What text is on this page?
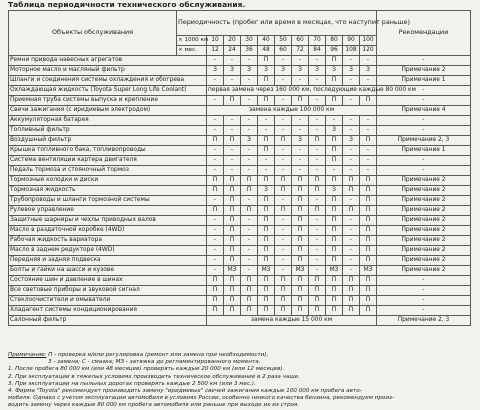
Таблица периодичности технического обслуживания.
Объекты обслуживания	Периодичность (пробег или время в месяцах, что наступит раньше)											Рекомендации
	× 1000 км	10	20	30	40	50	60	70	80	90	100	
	× мес.	12	24	36	48	60	72	84	96	108	120	
Ремни привода навесных агрегатов		-	-	-	П	-	-	-	П	-	-	-
Моторное масло и масляный фильтр		З	З	З	З	З	З	З	З	З	З	Примечание 2
Шланги и соединения системы охлаждения и обогрева		-	-	-	П	-	-	-	П	-	-	Примечание 1
Охлаждающая жидкость (Toyota Super Long Life Coolant)		первая замена через 160 000 км, последующие каждые 80 000 км										-
Приемная труба системы выпуска и крепление		-	П	-	П	-	П	-	П	-	П	-
Свечи зажигания (с иридиевым электродом)		замена каждые 100 000 км										Примечание 4
Аккумуляторная батарея		-	-	-	-	-	-	-	-	-	-	-
Топливный фильтр		-	-	-	-	-	-	-	З	-	-	-
Воздушный фильтр		П	П	З	П	П	З	П	П	З	П	Примечание 2, 3
Крышка топливного бака, топливопроводы		-	-	-	П	-	-	-	П	-	-	Примечание 1
Система вентиляции картера двигателя		-	-	-	-	-	-	-	П	-	-	-
Педаль тормоза и стояночный тормоз		-	-	-	-	-	-	-	-	-	-	-
Тормозные колодки и диски		П	П	П	П	П	П	П	П	П	П	Примечание 2
Тормозная жидкость		П	П	П	З	П	П	П	З	П	П	Примечание 2
Трубопроводы и шланги тормозной системы		-	П	-	П	-	П	-	П	-	П	Примечание 2
Рулевое управление		П	П	П	П	П	П	П	П	П	П	Примечание 2
Защитные шарниры и чехлы приводных валов		-	П	-	П	-	П	-	П	-	П	Примечание 2
Масло в раздаточной коробке (4WD)		-	П	-	П	-	П	-	П	-	П	Примечание 2
Рабочая жидкость вариатора		-	П	-	П	-	П	-	П	-	П	Примечание 2
Масло в заднем редукторе (4WD)		-	П	-	П	-	П	-	П	-	П	Примечание 2
Передняя и задняя подвеска		-	П	-	П	-	П	-	П	-	П	Примечание 2
Болты и гайки на шасси и кузове		-	МЗ	-	МЗ	-	МЗ	-	МЗ	-	МЗ	Примечание 2
Состояние шин и давление в шинах		П	П	П	П	П	П	П	П	П	П	-
Все световые приборы и звуковой сигнал		П	П	П	П	П	П	П	П	П	П	-
Стеклоочистители и омыватели		П	П	П	П	П	П	П	П	П	П	-
Хладагент системы кондиционирования		П	П	П	П	П	П	П	П	П	П	-
Салонный фильтр		замена каждые 15 000 км										Примечание 2, 3
Примечание: П - проверка и/или регулировка (ремонт или замена при необходимости),
З - замена; С - смазка; МЗ - затяжка до регламентированного момента.
1. После пробега 80 000 км (или 48 месяцев) проверять каждые 20 000 км (или 12 месяцев).
2. При эксплуатации в тяжелых условиях производить техническое обслуживание в 2 раза чаще.
3. При эксплуатации на пыльных дорогах проверять каждые 2 500 км (или 3 мес.).
4. Фирма "Toyota" рекомендует производить замену "иридиевых" свечей зажигания каждые 100 000 км пробега авто-
мобиля. Однако с учетом эксплуатации автомобиля в условиях России, особенно низкого качества бензина, рекомендуем произ-
водить замену через каждые 80 000 км пробега автомобиля или раньше при выходе их из строя.
